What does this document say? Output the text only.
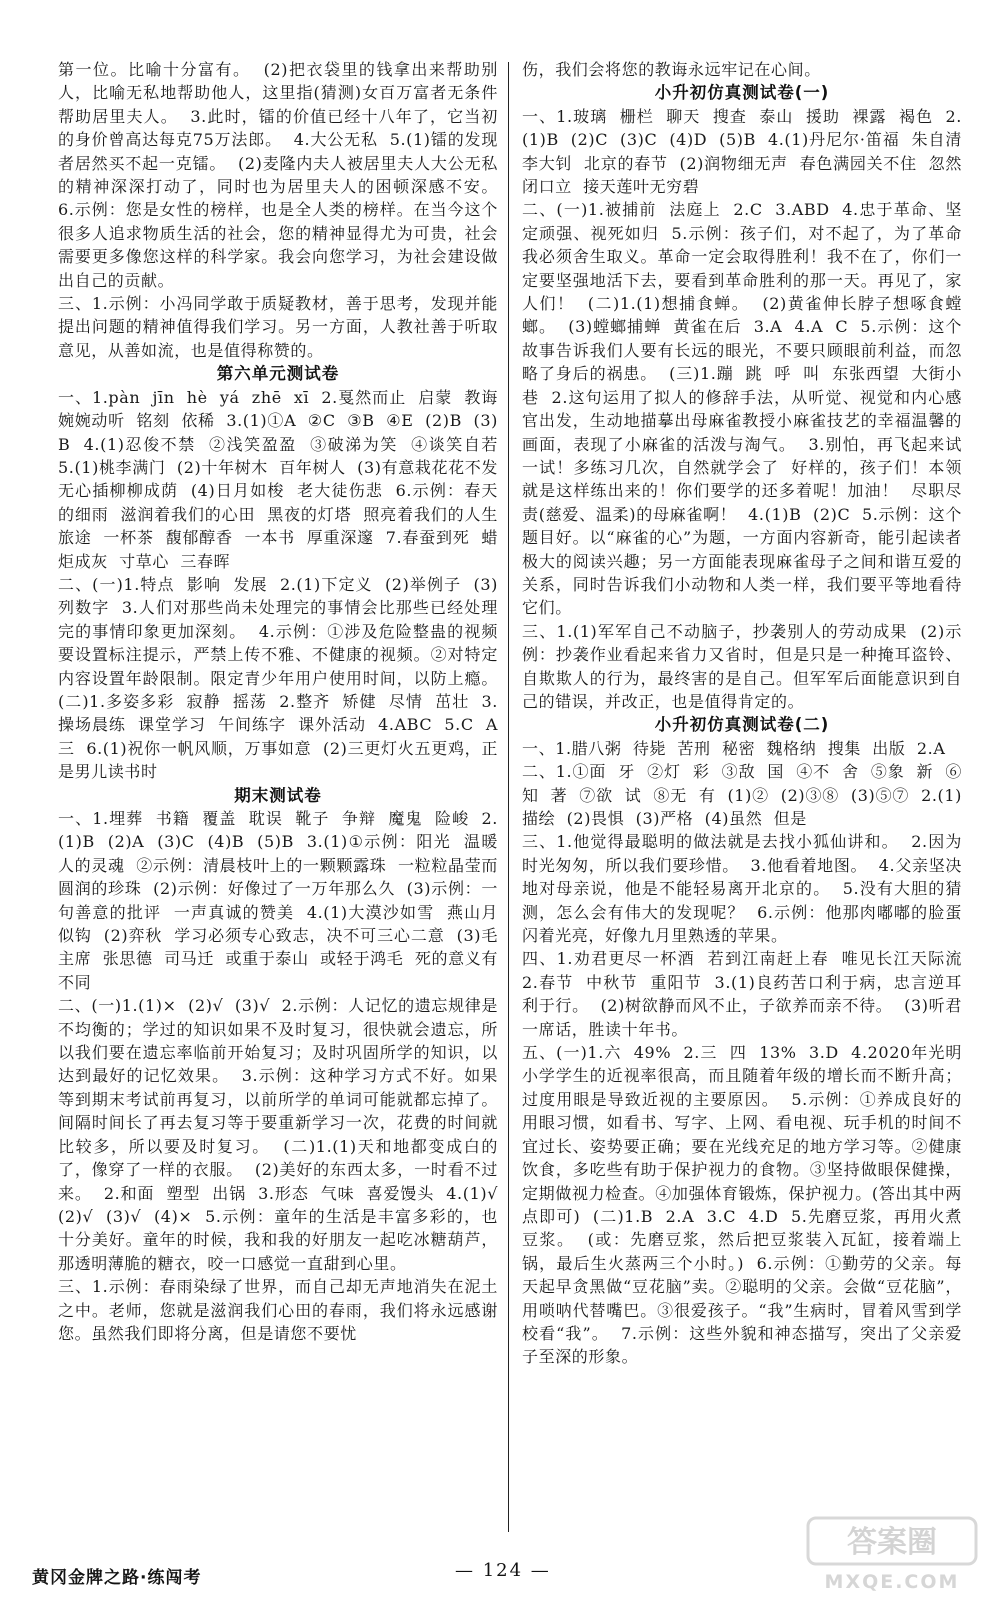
第一位。比喻十分富有。  (2)把衣袋里的钱拿出来帮助别人，比喻无私地帮助他人，这里指(猜测)女百万富者无条件帮助居里夫人。  3.此时，镭的价值已经十八年了，它当初的身价曾高达每克75万法郎。  4.大公无私  5.(1)镭的发现者居然买不起一克镭。  (2)麦隆内夫人被居里夫人大公无私的精神深深打动了，同时也为居里夫人的困顿深感不安。  6.示例：您是女性的榜样，也是全人类的榜样。在当今这个很多人追求物质生活的社会，您的精神显得尤为可贵，社会需要更多像您这样的科学家。我会向您学习，为社会建设做出自己的贡献。
三、1.示例：小冯同学敢于质疑教材，善于思考，发现并能提出问题的精神值得我们学习。另一方面，人教社善于听取意见，从善如流，也是值得称赞的。
第六单元测试卷
一、1.pàn  jīn  hè  yá  zhē  xī  2.戛然而止  启蒙  教诲  婉婉动听  铭刻  依稀  3.(1)①A  ②C  ③B  ④E  (2)B  (3)B  4.(1)忍俊不禁  ②浅笑盈盈  ③破涕为笑  ④谈笑自若  5.(1)桃李满门  (2)十年树木  百年树人  (3)有意栽花花不发  无心插柳柳成荫  (4)日月如梭  老大徒伤悲  6.示例：春天的细雨  滋润着我们的心田  黑夜的灯塔  照亮着我们的人生旅途  一杯茶  馥郁醇香  一本书  厚重深邃  7.春蚕到死  蜡炬成灰  寸草心  三春晖
二、(一)1.特点  影响  发展  2.(1)下定义  (2)举例子  (3)列数字  3.人们对那些尚未处理完的事情会比那些已经处理完的事情印象更加深刻。  4.示例：①涉及危险整蛊的视频要设置标注提示，严禁上传不雅、不健康的视频。②对特定内容设置年龄限制。限定青少年用户使用时间，以防上瘾。  (二)1.多姿多彩  寂静  摇荡  2.整齐  矫健  尽情  茁壮  3.操场晨练  课堂学习  午间练字  课外活动  4.ABC  5.C  A  三  6.(1)祝你一帆风顺，万事如意  (2)三更灯火五更鸡，正是男儿读书时
期末测试卷
一、1.埋葬  书籍  覆盖  耽误  靴子  争辩  魔鬼  险峻  2.(1)B  (2)A  (3)C  (4)B  (5)B  3.(1)①示例：阳光  温暖人的灵魂  ②示例：清晨枝叶上的一颗颗露珠  一粒粒晶莹而圆润的珍珠  (2)示例：好像过了一万年那么久  (3)示例：一句善意的批评  一声真诚的赞美  4.(1)大漠沙如雪  燕山月似钩  (2)弈秋  学习必须专心致志，决不可三心二意  (3)毛主席  张思德  司马迁  或重于泰山  或轻于鸿毛  死的意义有不同
二、(一)1.(1)×  (2)√  (3)√  2.示例：人记忆的遗忘规律是不均衡的；学过的知识如果不及时复习，很快就会遗忘，所以我们要在遗忘率临前开始复习；及时巩固所学的知识，以达到最好的记忆效果。  3.示例：这种学习方式不好。如果等到期末考试前再复习，以前所学的单词可能就都忘掉了。间隔时间长了再去复习等于要重新学习一次，花费的时间就比较多，所以要及时复习。  (二)1.(1)天和地都变成白的了，像穿了一样的衣服。  (2)美好的东西太多，一时看不过来。  2.和面  塑型  出锅  3.形态  气味  喜爱馒头  4.(1)√  (2)√  (3)√  (4)×  5.示例：童年的生活是丰富多彩的，也十分美好。童年的时候，我和我的好朋友一起吃冰糖葫芦，那透明薄脆的糖衣，咬一口感觉一直甜到心里。
三、1.示例：春雨染绿了世界，而自己却无声地消失在泥土之中。老师，您就是滋润我们心田的春雨，我们将永远感谢您。虽然我们即将分离，但是请您不要忧
伤，我们会将您的教诲永远牢记在心间。
小升初仿真测试卷(一)
一、1.玻璃  栅栏  聊天  搜查  泰山  援助  裸露  褐色  2.(1)B  (2)C  (3)C  (4)D  (5)B  4.(1)丹尼尔·笛福  朱自清  李大钊  北京的春节  (2)润物细无声  春色满园关不住  忽然闭口立  接天莲叶无穷碧
二、(一)1.被捕前  法庭上  2.C  3.ABD  4.忠于革命、坚定顽强、视死如归  5.示例：孩子们，对不起了，为了革命我必须舍生取义。革命一定会取得胜利！我不在了，你们一定要坚强地活下去，要看到革命胜利的那一天。再见了，家人们！  (二)1.(1)想捕食蝉。  (2)黄雀伸长脖子想啄食螳螂。  (3)螳螂捕蝉  黄雀在后  3.A  4.A  C  5.示例：这个故事告诉我们人要有长远的眼光，不要只顾眼前利益，而忽略了身后的祸患。  (三)1.蹦  跳  呼  叫  东张西望  大街小巷  2.这句运用了拟人的修辞手法，从听觉、视觉和内心感官出发，生动地描摹出母麻雀教授小麻雀技艺的幸福温馨的画面，表现了小麻雀的活泼与淘气。  3.别怕，再飞起来试一试！多练习几次，自然就学会了  好样的，孩子们！本领就是这样练出来的！你们要学的还多着呢！加油！  尽职尽责(慈爱、温柔)的母麻雀啊！  4.(1)B  (2)C  5.示例：这个题目好。以“麻雀的心”为题，一方面内容新奇，能引起读者极大的阅读兴趣；另一方面能表现麻雀母子之间和谐互爱的关系，同时告诉我们小动物和人类一样，我们要平等地看待它们。
三、1.(1)军军自己不动脑子，抄袭别人的劳动成果  (2)示例：抄袭作业看起来省力又省时，但是只是一种掩耳盗铃、自欺欺人的行为，最终害的是自己。但军军后面能意识到自己的错误，并改正，也是值得肯定的。
小升初仿真测试卷(二)
一、1.腊八粥  待毙  苦刑  秘密  魏格纳  搜集  出版  2.A
二、1.①面  牙  ②灯  彩  ③敌  国  ④不  舍  ⑤象  新  ⑥知  著  ⑦欲  试  ⑧无  有  (1)②  (2)③⑧  (3)⑤⑦  2.(1)描绘  (2)畏惧  (3)严格  (4)虽然  但是
三、1.他觉得最聪明的做法就是去找小狐仙讲和。  2.因为时光匆匆，所以我们要珍惜。  3.他看着地图。  4.父亲坚决地对母亲说，他是不能轻易离开北京的。  5.没有大胆的猜测，怎么会有伟大的发现呢？  6.示例：他那肉嘟嘟的脸蛋闪着光亮，好像九月里熟透的苹果。
四、1.劝君更尽一杯酒  若到江南赶上春  唯见长江天际流  2.春节  中秋节  重阳节  3.(1)良药苦口利于病，忠言逆耳利于行。  (2)树欲静而风不止，子欲养而亲不待。  (3)听君一席话，胜读十年书。
五、(一)1.六  49%  2.三  四  13%  3.D  4.2020年光明小学学生的近视率很高，而且随着年级的增长而不断升高；过度用眼是导致近视的主要原因。  5.示例：①养成良好的用眼习惯，如看书、写字、上网、看电视、玩手机的时间不宜过长、姿势要正确；要在光线充足的地方学习等。②健康饮食，多吃些有助于保护视力的食物。③坚持做眼保健操，定期做视力检查。④加强体育锻炼，保护视力。(答出其中两点即可)  (二)1.B  2.A  3.C  4.D  5.先磨豆浆，再用火煮豆浆。  (或：先磨豆浆，然后把豆浆装入瓦缸，接着端上锅，最后生火蒸两三个小时。)  6.示例：①勤劳的父亲。每天起早贪黑做“豆花脑”卖。②聪明的父亲。会做“豆花脑”，用唢呐代替嘴巴。③很爱孩子。“我”生病时，冒着风雪到学校看“我”。  7.示例：这些外貌和神态描写，突出了父亲爱子至深的形象。
黄冈金牌之路·练闯考	— 124 —
答案圈
MXQE.COM
